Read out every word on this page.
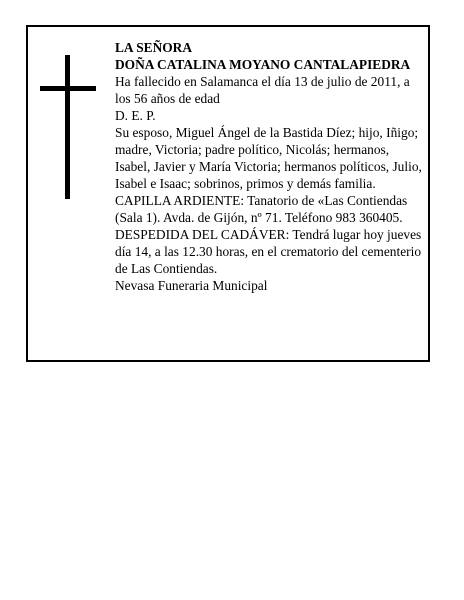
LA SEÑORA

DOÑA CATALINA MOYANO CANTALAPIEDRA

Ha fallecido en Salamanca el día 13 de julio de 2011, a los 56 años de edad

D. E. P.

Su esposo, Miguel Ángel de la Bastida Díez; hijo, Iñigo; madre, Victoria; padre político, Nicolás; hermanos, Isabel, Javier y María Victoria; hermanos políticos, Julio, Isabel e Isaac; sobrinos, primos y demás familia.

CAPILLA ARDIENTE: Tanatorio de «Las Contiendas (Sala 1). Avda. de Gijón, nº 71. Teléfono 983 360405.

DESPEDIDA DEL CADÁVER: Tendrá lugar hoy jueves día 14, a las 12.30 horas, en el crematorio del cementerio de Las Contiendas.

Nevasa Funeraria Municipal
